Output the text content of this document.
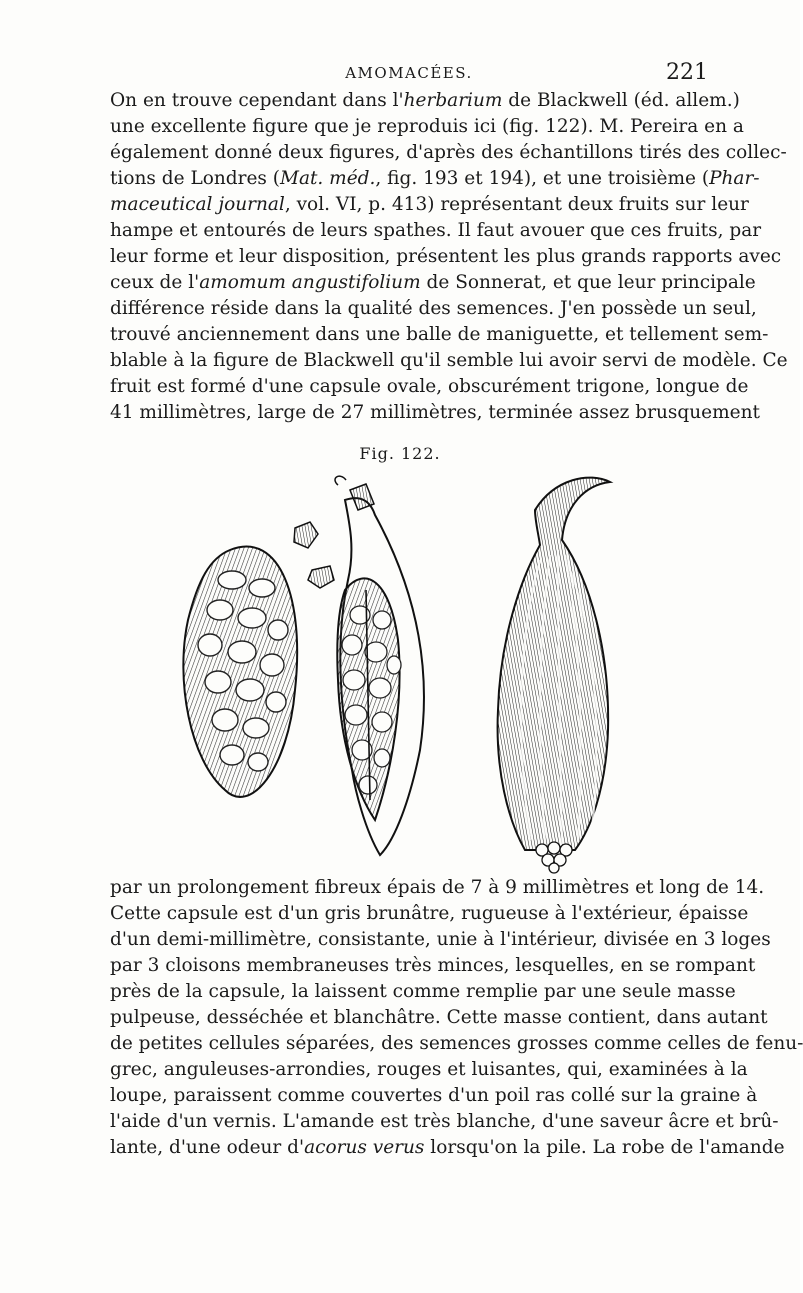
AMOMACÉES.	221
On en trouve cependant dans l'herbarium de Blackwell (éd. allem.)
une excellente figure que je reproduis ici (fig. 122). M. Pereira en a
également donné deux figures, d'après des échantillons tirés des collec-
tions de Londres (Mat. méd., fig. 193 et 194), et une troisième (Phar-
maceutical journal, vol. VI, p. 413) représentant deux fruits sur leur
hampe et entourés de leurs spathes. Il faut avouer que ces fruits, par
leur forme et leur disposition, présentent les plus grands rapports avec
ceux de l'amomum angustifolium de Sonnerat, et que leur principale
différence réside dans la qualité des semences. J'en possède un seul,
trouvé anciennement dans une balle de maniguette, et tellement sem-
blable à la figure de Blackwell qu'il semble lui avoir servi de modèle. Ce
fruit est formé d'une capsule ovale, obscurément trigone, longue de
41 millimètres, large de 27 millimètres, terminée assez brusquement
Fig. 122.
par un prolongement fibreux épais de 7 à 9 millimètres et long de 14.
Cette capsule est d'un gris brunâtre, rugueuse à l'extérieur, épaisse
d'un demi-millimètre, consistante, unie à l'intérieur, divisée en 3 loges
par 3 cloisons membraneuses très minces, lesquelles, en se rompant
près de la capsule, la laissent comme remplie par une seule masse
pulpeuse, desséchée et blanchâtre. Cette masse contient, dans autant
de petites cellules séparées, des semences grosses comme celles de fenu-
grec, anguleuses-arrondies, rouges et luisantes, qui, examinées à la
loupe, paraissent comme couvertes d'un poil ras collé sur la graine à
l'aide d'un vernis. L'amande est très blanche, d'une saveur âcre et brû-
lante, d'une odeur d'acorus verus lorsqu'on la pile. La robe de l'amande
